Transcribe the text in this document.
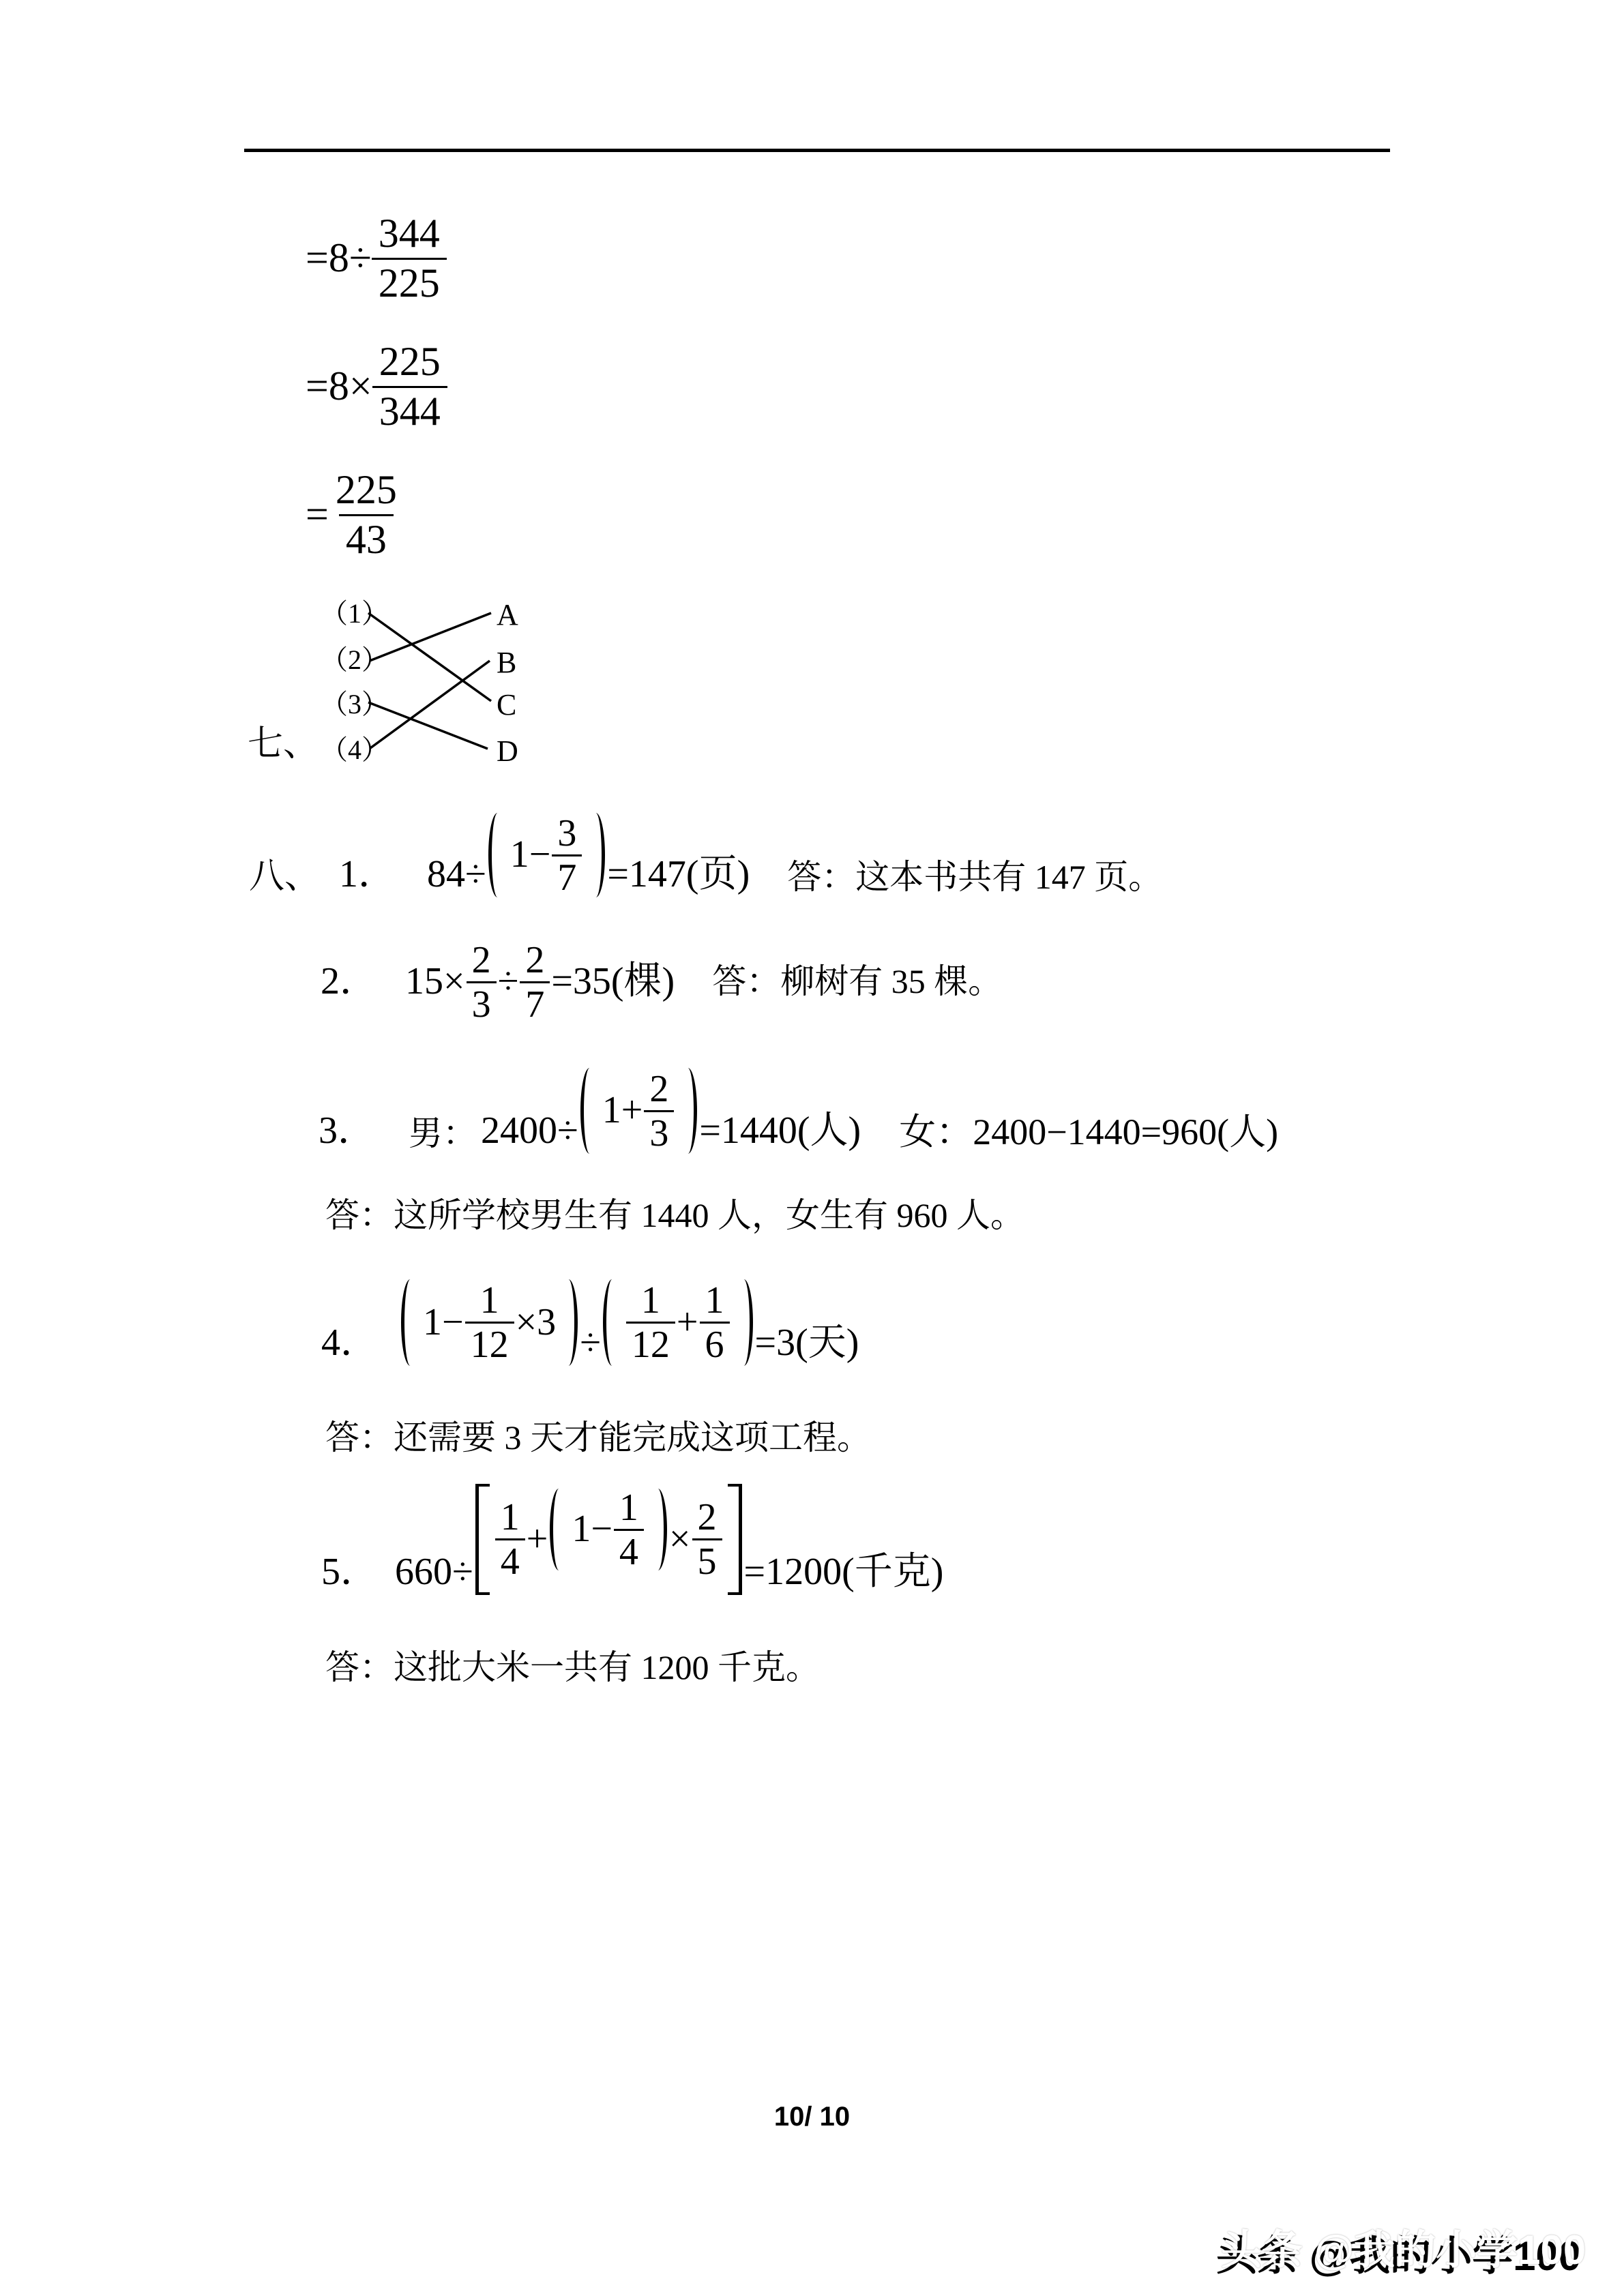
$=8\div \frac{344}{225}$
$=8\times \frac{225}{344}$
= $\frac{225}{43}$
七、
（1）
（2）
（3）
（4）
A
B
C
D
八、 1． $84\div 1- \frac{3}{7} =147$(页) 答：这本书共有 147 页。
2． $15\times \frac{2}{3} \div \frac{2}{7} =35$(棵) 答：柳树有 35 棵。
3． 男： $2400\div 1+ \frac{2}{3} =1440$(人) 女：2400−1440=960(人)
答：这所学校男生有 1440 人，女生有 960 人。
4． $1- \frac{1}{12} \times 3 \div \frac{1}{12} + \frac{1}{6} =3$(天)
答：还需要 3 天才能完成这项工程。
5． $660\div \frac{1}{4} + 1- \frac{1}{4} \times \frac{2}{5} =1200$(千克)
答：这批大米一共有 1200 千克。
10/ 10
头条 @我的小学100
